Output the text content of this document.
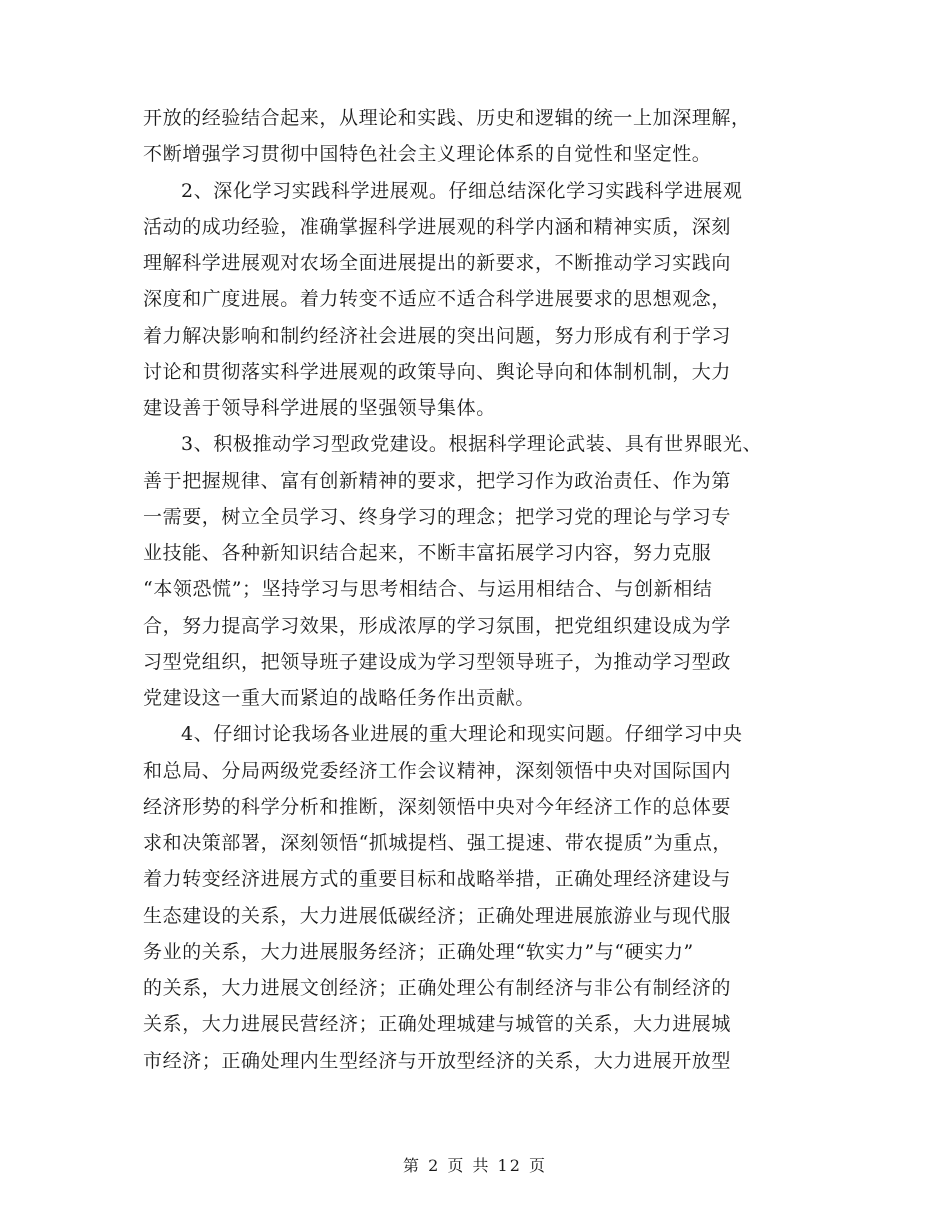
开放的经验结合起来，从理论和实践、历史和逻辑的统一上加深理解，
不断增强学习贯彻中国特色社会主义理论体系的自觉性和坚定性。
2、深化学习实践科学进展观。仔细总结深化学习实践科学进展观
活动的成功经验，准确掌握科学进展观的科学内涵和精神实质，深刻
理解科学进展观对农场全面进展提出的新要求，不断推动学习实践向
深度和广度进展。着力转变不适应不适合科学进展要求的思想观念，
着力解决影响和制约经济社会进展的突出问题，努力形成有利于学习
讨论和贯彻落实科学进展观的政策导向、舆论导向和体制机制，大力
建设善于领导科学进展的坚强领导集体。
3、积极推动学习型政党建设。根据科学理论武装、具有世界眼光、
善于把握规律、富有创新精神的要求，把学习作为政治责任、作为第
一需要，树立全员学习、终身学习的理念；把学习党的理论与学习专
业技能、各种新知识结合起来，不断丰富拓展学习内容，努力克服
“本领恐慌”；坚持学习与思考相结合、与运用相结合、与创新相结
合，努力提高学习效果，形成浓厚的学习氛围，把党组织建设成为学
习型党组织，把领导班子建设成为学习型领导班子，为推动学习型政
党建设这一重大而紧迫的战略任务作出贡献。
4、仔细讨论我场各业进展的重大理论和现实问题。仔细学习中央
和总局、分局两级党委经济工作会议精神，深刻领悟中央对国际国内
经济形势的科学分析和推断，深刻领悟中央对今年经济工作的总体要
求和决策部署，深刻领悟“抓城提档、强工提速、带农提质”为重点，
着力转变经济进展方式的重要目标和战略举措，正确处理经济建设与
生态建设的关系，大力进展低碳经济；正确处理进展旅游业与现代服
务业的关系，大力进展服务经济；正确处理“软实力”与“硬实力”
的关系，大力进展文创经济；正确处理公有制经济与非公有制经济的
关系，大力进展民营经济；正确处理城建与城管的关系，大力进展城
市经济；正确处理内生型经济与开放型经济的关系，大力进展开放型
第 2 页 共 12 页
